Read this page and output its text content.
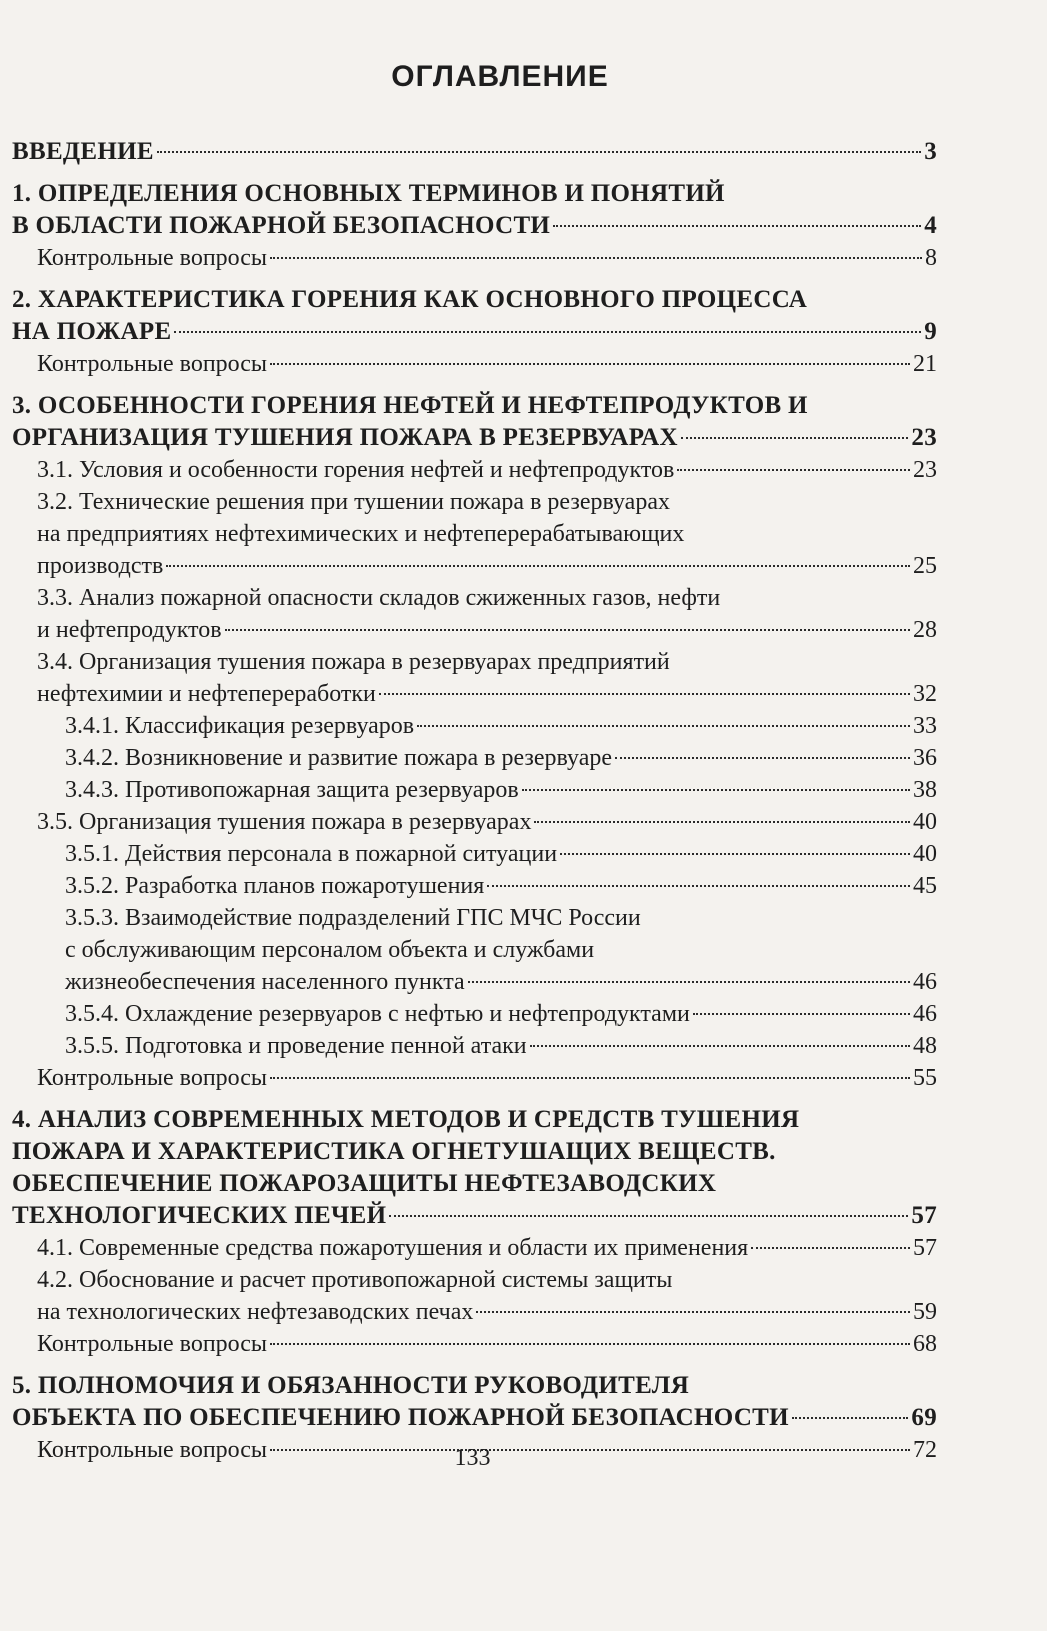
ОГЛАВЛЕНИЕ
ВВЕДЕНИЕ	3
1. ОПРЕДЕЛЕНИЯ ОСНОВНЫХ ТЕРМИНОВ И ПОНЯТИЙ
В ОБЛАСТИ ПОЖАРНОЙ БЕЗОПАСНОСТИ	4
Контрольные вопросы	8
2. ХАРАКТЕРИСТИКА ГОРЕНИЯ КАК ОСНОВНОГО ПРОЦЕССА
НА ПОЖАРЕ	9
Контрольные вопросы	21
3. ОСОБЕННОСТИ ГОРЕНИЯ НЕФТЕЙ И НЕФТЕПРОДУКТОВ И
ОРГАНИЗАЦИЯ ТУШЕНИЯ ПОЖАРА В РЕЗЕРВУАРАХ	23
3.1. Условия и особенности горения нефтей и нефтепродуктов	23
3.2. Технические решения при тушении пожара в резервуарах
на предприятиях нефтехимических и нефтеперерабатывающих
производств	25
3.3. Анализ пожарной опасности складов сжиженных газов, нефти
и нефтепродуктов	28
3.4. Организация тушения пожара в резервуарах предприятий
нефтехимии и нефтепереработки	32
3.4.1. Классификация резервуаров	33
3.4.2. Возникновение и развитие пожара в резервуаре	36
3.4.3. Противопожарная защита резервуаров	38
3.5. Организация тушения пожара в резервуарах	40
3.5.1. Действия персонала в пожарной ситуации	40
3.5.2. Разработка планов пожаротушения	45
3.5.3. Взаимодействие подразделений ГПС МЧС России
с обслуживающим персоналом объекта и службами
жизнеобеспечения населенного пункта	46
3.5.4. Охлаждение резервуаров с нефтью и нефтепродуктами	46
3.5.5. Подготовка и проведение пенной атаки	48
Контрольные вопросы	55
4. АНАЛИЗ СОВРЕМЕННЫХ МЕТОДОВ И СРЕДСТВ ТУШЕНИЯ
ПОЖАРА И ХАРАКТЕРИСТИКА ОГНЕТУШАЩИХ ВЕЩЕСТВ.
ОБЕСПЕЧЕНИЕ ПОЖАРОЗАЩИТЫ НЕФТЕЗАВОДСКИХ
ТЕХНОЛОГИЧЕСКИХ ПЕЧЕЙ	57
4.1. Современные средства пожаротушения и области их применения	57
4.2. Обоснование и расчет противопожарной системы защиты
на технологических нефтезаводских печах	59
Контрольные вопросы	68
5. ПОЛНОМОЧИЯ И ОБЯЗАННОСТИ РУКОВОДИТЕЛЯ
ОБЪЕКТА ПО ОБЕСПЕЧЕНИЮ ПОЖАРНОЙ БЕЗОПАСНОСТИ	69
Контрольные вопросы	72
133
